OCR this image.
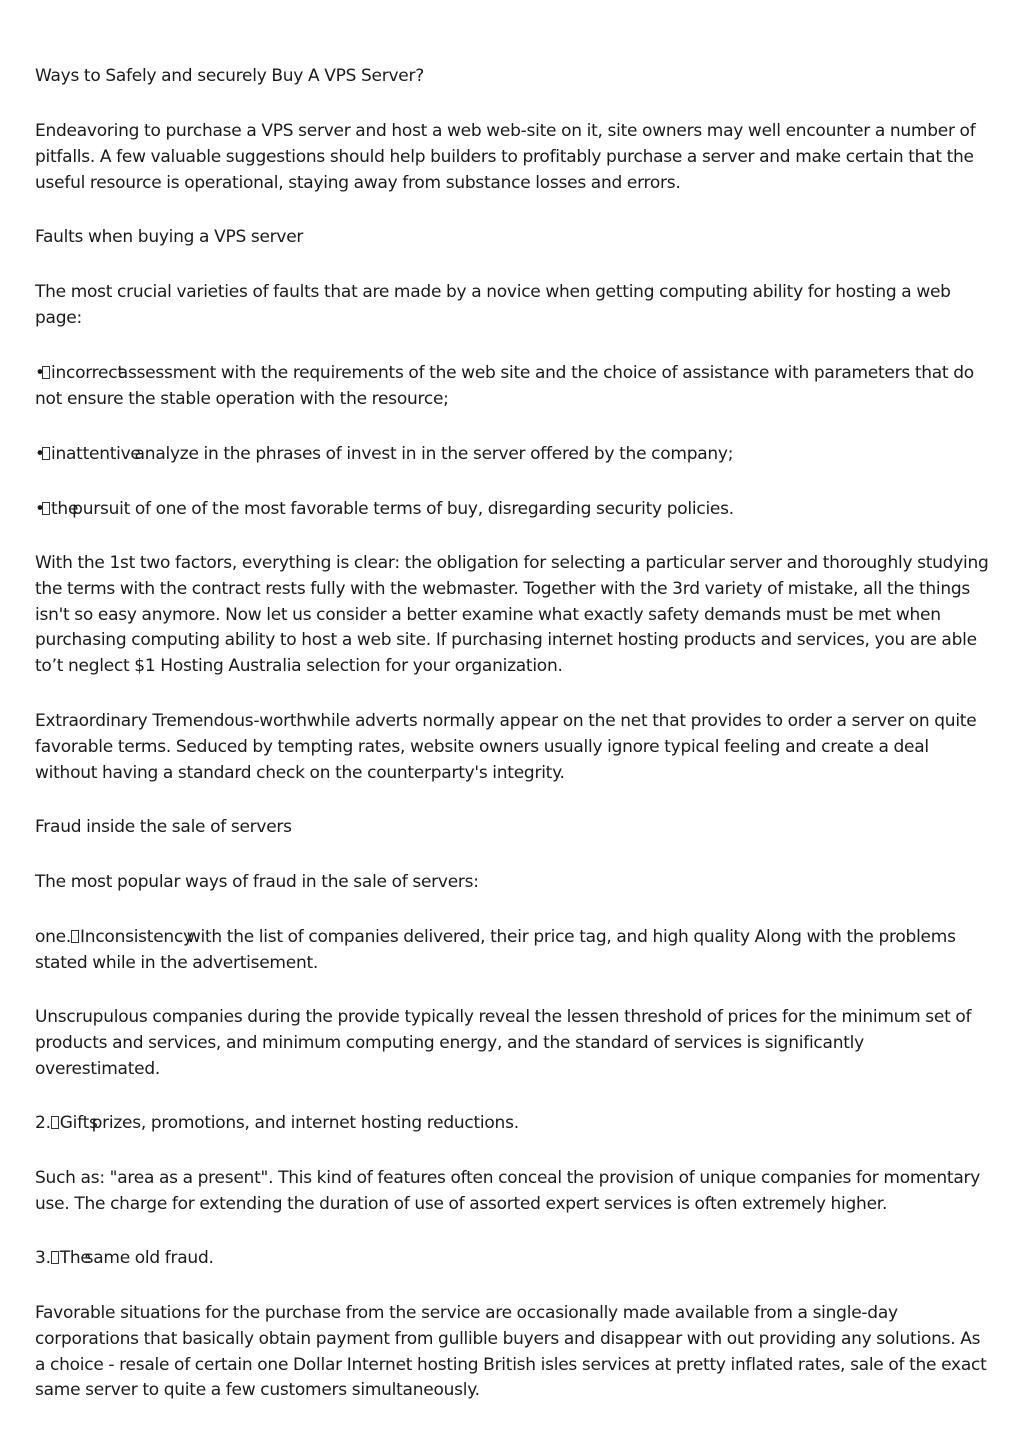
Ways to Safely and securely Buy A VPS Server?

Endeavoring to purchase a VPS server and host a web web-site on it, site owners may well encounter a number of pitfalls. A few valuable suggestions should help builders to profitably purchase a server and make certain that the useful resource is operational, staying away from substance losses and errors.

Faults when buying a VPS server

The most crucial varieties of faults that are made by a novice when getting computing ability for hosting a web page:

• incorrectassessment with the requirements of the web site and the choice of assistance with parameters that do not ensure the stable operation with the resource;

• inattentiveanalyze in the phrases of invest in in the server offered by the company;

• thepursuit of one of the most favorable terms of buy, disregarding security policies.

With the 1st two factors, everything is clear: the obligation for selecting a particular server and thoroughly studying the terms with the contract rests fully with the webmaster. Together with the 3rd variety of mistake, all the things isn't so easy anymore. Now let us consider a better examine what exactly safety demands must be met when purchasing computing ability to host a web site. If purchasing internet hosting products and services, you are able to’t neglect $1 Hosting Australia selection for your organization.

Extraordinary Tremendous-worthwhile adverts normally appear on the net that provides to order a server on quite favorable terms. Seduced by tempting rates, website owners usually ignore typical feeling and create a deal without having a standard check on the counterparty's integrity.

Fraud inside the sale of servers

The most popular ways of fraud in the sale of servers:

one. Inconsistencywith the list of companies delivered, their price tag, and high quality Along with the problems stated while in the advertisement.

Unscrupulous companies during the provide typically reveal the lessen threshold of prices for the minimum set of products and services, and minimum computing energy, and the standard of services is significantly overestimated.

2. Giftsprizes, promotions, and internet hosting reductions.

Such as: "area as a present". This kind of features often conceal the provision of unique companies for momentary use. The charge for extending the duration of use of assorted expert services is often extremely higher.

3. Thesame old fraud.

Favorable situations for the purchase from the service are occasionally made available from a single-day corporations that basically obtain payment from gullible buyers and disappear with out providing any solutions. As a choice - resale of certain one Dollar Internet hosting British isles services at pretty inflated rates, sale of the exact same server to quite a few customers simultaneously.
